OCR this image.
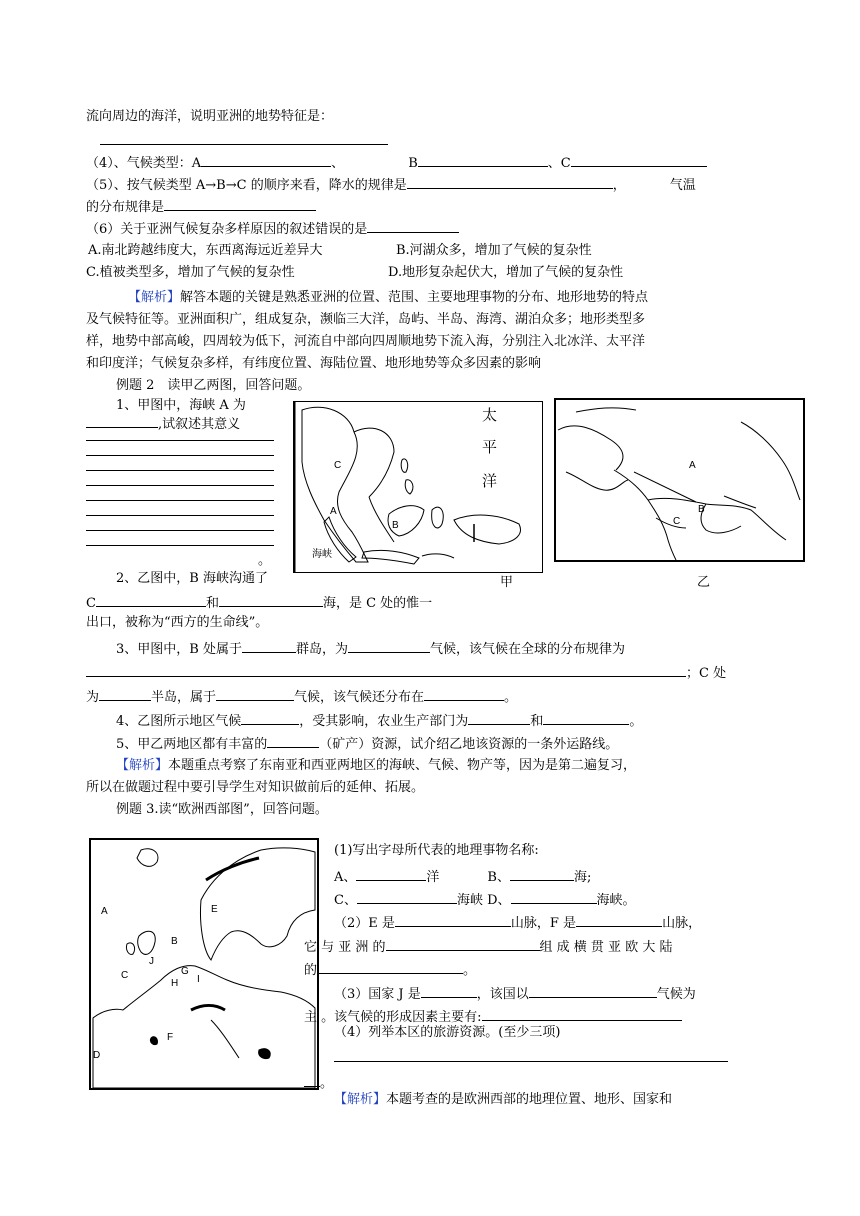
流向周边的海洋，说明亚洲的地势特征是：
（4）、气候类型：A	、	B	、C
（5）、按气候类型 A→B→C 的顺序来看，降水的规律是	，	气温
的分布规律是
（6）关于亚洲气候复杂多样原因的叙述错误的是
A.南北跨越纬度大，东西离海远近差异大	B.河湖众多，增加了气候的复杂性
C.植被类型多，增加了气候的复杂性	D.地形复杂起伏大，增加了气候的复杂性
【解析】解答本题的关键是熟悉亚洲的位置、范围、主要地理事物的分布、地形地势的特点
及气候特征等。亚洲面积广，组成复杂，濒临三大洋，岛屿、半岛、海湾、湖泊众多；地形类型多
样，地势中部高峻，四周较为低下，河流自中部向四周顺地势下流入海，分别注入北冰洋、太平洋
和印度洋；气候复杂多样，有纬度位置、海陆位置、地形地势等众多因素的影响
例题 2　读甲乙两图，回答问题。
1、甲图中，海峡 A 为
,试叙述其意义
。
太
平
洋
C
A
B
海峡
A
B
C
2、乙图中，B 海峡沟通了	甲	乙
C	和	海，是 C 处的惟一
出口，被称为“西方的生命线”。
3、甲图中，B 处属于	群岛，为	气候，该气候在全球的分布规律为
；C 处
为	半岛，属于	气候，该气候还分布在	。
4、乙图所示地区气候	，受其影响，农业生产部门为	和	。
5、甲乙两地区都有丰富的	（矿产）资源，试介绍乙地该资源的一条外运路线。
【解析】本题重点考察了东南亚和西亚两地区的海峡、气候、物产等，因为是第二遍复习，
所以在做题过程中要引导学生对知识做前后的延伸、拓展。
例题 3.读“欧洲西部图”，回答问题。
A
B
C
D
E
F
G
H I
J
(1)写出字母所代表的地理事物名称:
A、	洋	B、	海;
C、	海峡 D、	海峡。
（2）E 是	山脉，F 是	山脉，
它 与 亚 洲 的	组 成 横 贯 亚 欧 大 陆
的	。
（3）国家 J 是	，该国以	气候为
主 。该气候的形成因素主要有:
（4）列举本区的旅游资源。(至少三项)
。
【解析】本题考查的是欧洲西部的地理位置、地形、国家和
